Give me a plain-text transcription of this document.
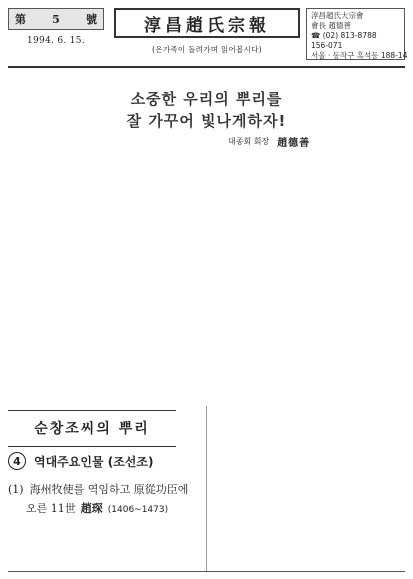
第 5 號
1994. 6. 15.
淳昌趙氏宗報
(온가족이 돌려가며 읽어봅시다)
淳昌趙氏大宗會
會長 趙德善
☎ (02) 813-8788
156-071
서울 · 동작구 흑석동 188-14
소중한 우리의 뿌리를
잘 가꾸어 빛나게하자!
대종회 회장 趙德善
순창조씨의 뿌리
4	역대주요인물 (조선조)
(1) 海州牧使를 역임하고 原從功臣에
오른 11世 趙琛 (1406∼1473)
